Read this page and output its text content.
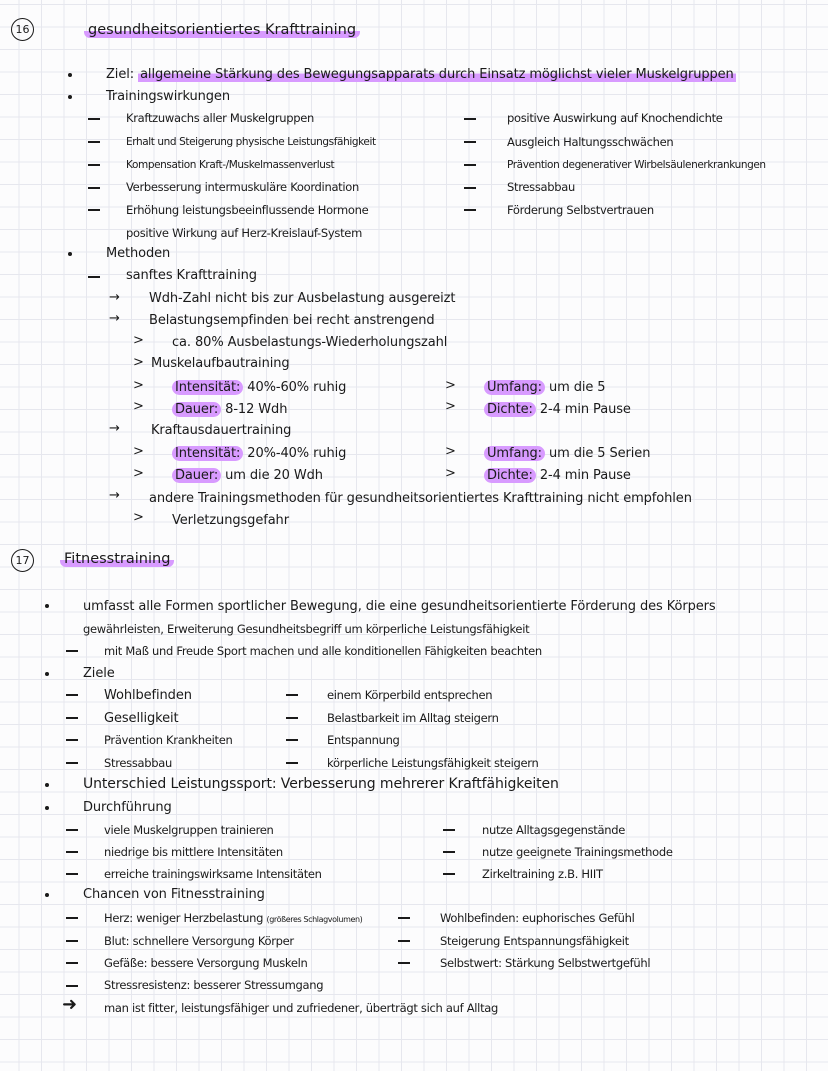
16	gesundheitsorientiertes Krafttraining
Ziel: allgemeine Stärkung des Bewegungsapparats durch Einsatz möglichst vieler Muskelgruppen
Trainingswirkungen
Kraftzuwachs aller Muskelgruppen
Erhalt und Steigerung physische Leistungsfähigkeit
Kompensation Kraft-/Muskelmassenverlust
Verbesserung intermuskuläre Koordination
Erhöhung leistungsbeeinflussende Hormone
positive Wirkung auf Herz-Kreislauf-System
positive Auswirkung auf Knochendichte
Ausgleich Haltungsschwächen
Prävention degenerativer Wirbelsäulenerkrankungen
Stressabbau
Förderung Selbstvertrauen
Methoden
sanftes Krafttraining
→ Wdh-Zahl nicht bis zur Ausbelastung ausgereizt
→ Belastungsempfinden bei recht anstrengend
> ca. 80% Ausbelastungs-Wiederholungszahl
> Muskelaufbautraining
> Intensität: 40%-60% ruhig
> Dauer: 8-12 Wdh
> Umfang: um die 5
> Dichte: 2-4 min Pause
→ Kraftausdauertraining
> Intensität: 20%-40% ruhig
> Dauer: um die 20 Wdh
> Umfang: um die 5 Serien
> Dichte: 2-4 min Pause
→ andere Trainingsmethoden für gesundheitsorientiertes Krafttraining nicht empfohlen
> Verletzungsgefahr
17	Fitnesstraining
umfasst alle Formen sportlicher Bewegung, die eine gesundheitsorientierte Förderung des Körpers
gewährleisten, Erweiterung Gesundheitsbegriff um körperliche Leistungsfähigkeit
mit Maß und Freude Sport machen und alle konditionellen Fähigkeiten beachten
Ziele
Wohlbefinden
Geselligkeit
Prävention Krankheiten
Stressabbau
einem Körperbild entsprechen
Belastbarkeit im Alltag steigern
Entspannung
körperliche Leistungsfähigkeit steigern
Unterschied Leistungssport: Verbesserung mehrerer Kraftfähigkeiten
Durchführung
viele Muskelgruppen trainieren
niedrige bis mittlere Intensitäten
erreiche trainingswirksame Intensitäten
nutze Alltagsgegenstände
nutze geeignete Trainingsmethode
Zirkeltraining z.B. HIIT
Chancen von Fitnesstraining
Herz: weniger Herzbelastung (größeres Schlagvolumen)
Blut: schnellere Versorgung Körper
Gefäße: bessere Versorgung Muskeln
Stressresistenz: besserer Stressumgang
Wohlbefinden: euphorisches Gefühl
Steigerung Entspannungsfähigkeit
Selbstwert: Stärkung Selbstwertgefühl
➜ man ist fitter, leistungsfähiger und zufriedener, überträgt sich auf Alltag
